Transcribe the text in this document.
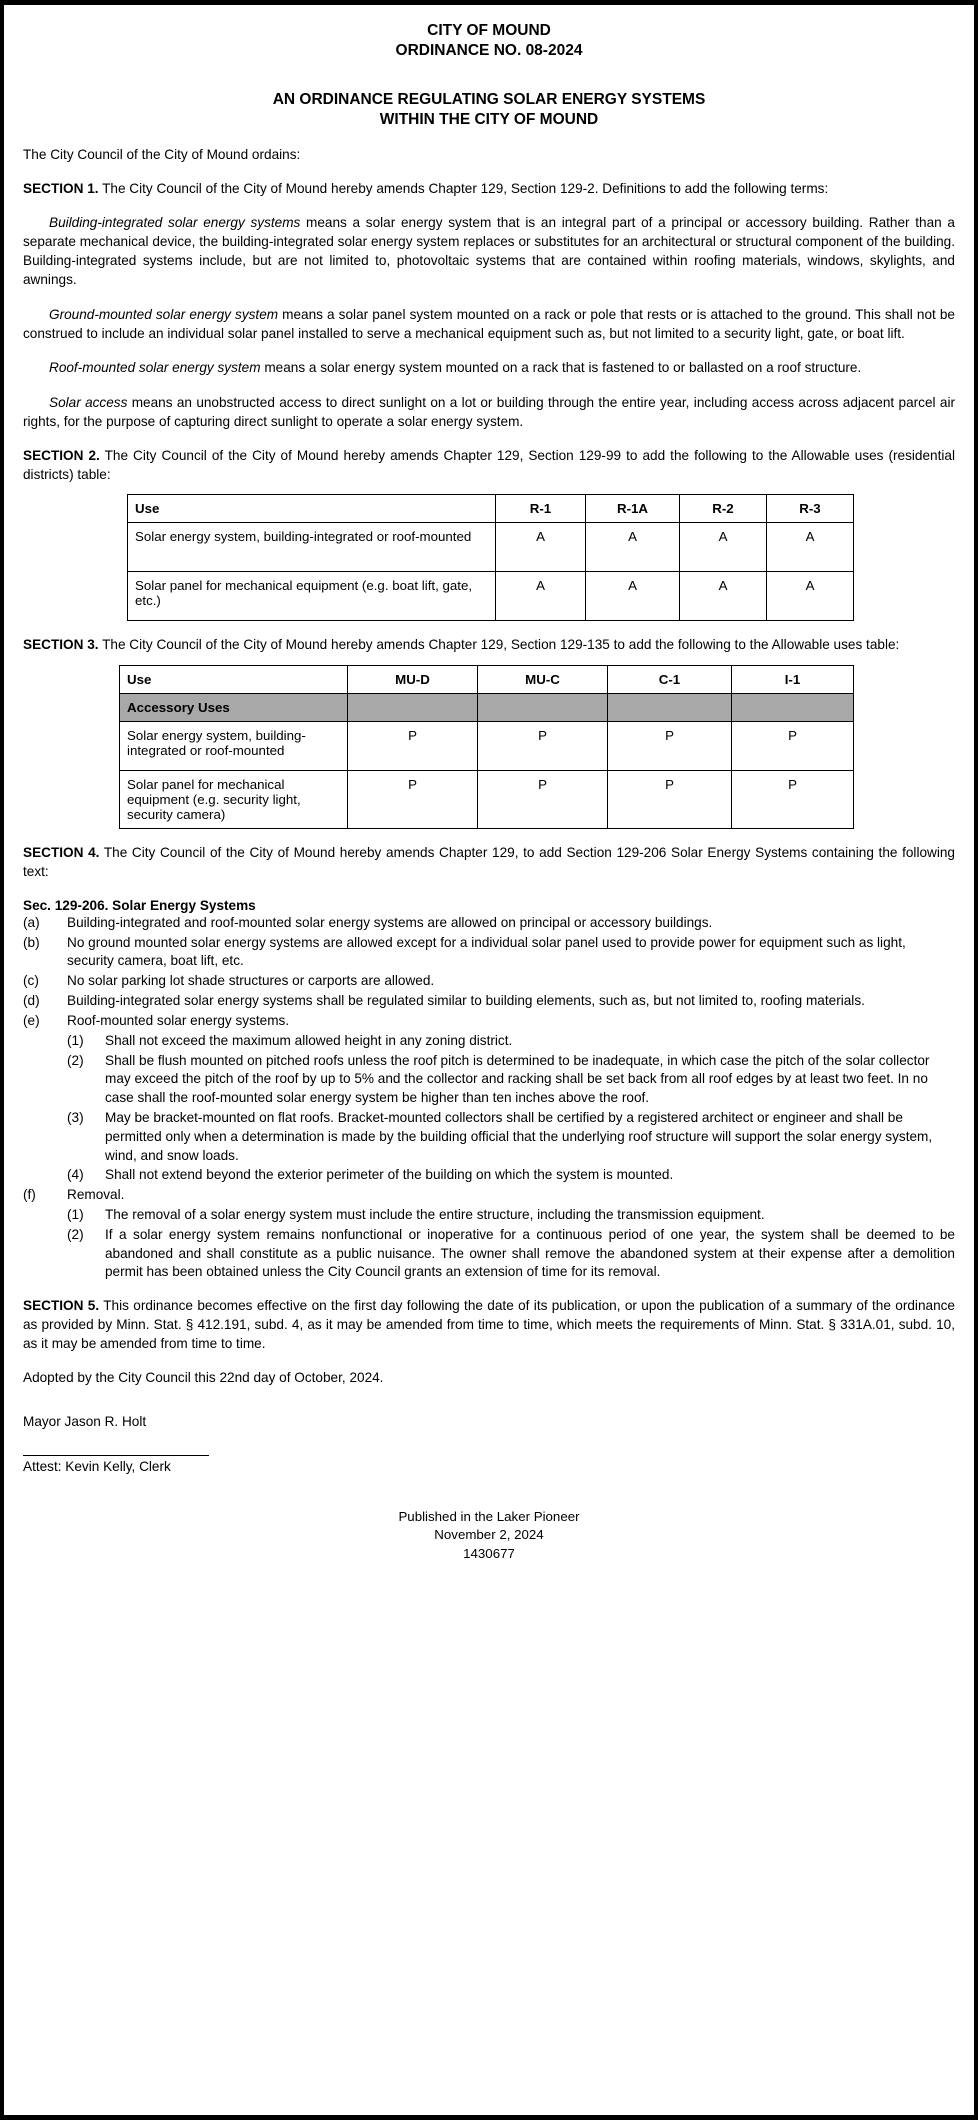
CITY OF MOUND
ORDINANCE NO. 08-2024
AN ORDINANCE REGULATING SOLAR ENERGY SYSTEMS
WITHIN THE CITY OF MOUND

The City Council of the City of Mound ordains:

SECTION 1. The City Council of the City of Mound hereby amends Chapter 129, Section 129-2. Definitions to add the following terms:

Building-integrated solar energy systems means a solar energy system that is an integral part of a principal or accessory building. Rather than a separate mechanical device, the building-integrated solar energy system replaces or substitutes for an architectural or structural component of the building. Building-integrated systems include, but are not limited to, photovoltaic systems that are contained within roofing materials, windows, skylights, and awnings.

Ground-mounted solar energy system means a solar panel system mounted on a rack or pole that rests or is attached to the ground. This shall not be construed to include an individual solar panel installed to serve a mechanical equipment such as, but not limited to a security light, gate, or boat lift.

Roof-mounted solar energy system means a solar energy system mounted on a rack that is fastened to or ballasted on a roof structure.

Solar access means an unobstructed access to direct sunlight on a lot or building through the entire year, including access across adjacent parcel air rights, for the purpose of capturing direct sunlight to operate a solar energy system.

SECTION 2. The City Council of the City of Mound hereby amends Chapter 129, Section 129-99 to add the following to the Allowable uses (residential districts) table:

Use	R-1	R-1A	R-2	R-3
Solar energy system, building-integrated or roof-mounted	A	A	A	A
Solar panel for mechanical equipment (e.g. boat lift, gate, etc.)	A	A	A	A

SECTION 3. The City Council of the City of Mound hereby amends Chapter 129, Section 129-135 to add the following to the Allowable uses table:

Use	MU-D	MU-C	C-1	I-1
Accessory Uses				
Solar energy system, building-integrated or roof-mounted	P	P	P	P
Solar panel for mechanical equipment (e.g. security light, security camera)	P	P	P	P

SECTION 4. The City Council of the City of Mound hereby amends Chapter 129, to add Section 129-206 Solar Energy Systems containing the following text:

Sec. 129-206. Solar Energy Systems
(a)	Building-integrated and roof-mounted solar energy systems are allowed on principal or accessory buildings.
(b)	No ground mounted solar energy systems are allowed except for a individual solar panel used to provide power for equipment such as light, security camera, boat lift, etc.
(c)	No solar parking lot shade structures or carports are allowed.
(d)	Building-integrated solar energy systems shall be regulated similar to building elements, such as, but not limited to, roofing materials.
(e)	Roof-mounted solar energy systems.
(1)	Shall not exceed the maximum allowed height in any zoning district.
(2)	Shall be flush mounted on pitched roofs unless the roof pitch is determined to be inadequate, in which case the pitch of the solar collector may exceed the pitch of the roof by up to 5% and the collector and racking shall be set back from all roof edges by at least two feet. In no case shall the roof-mounted solar energy system be higher than ten inches above the roof.
(3)	May be bracket-mounted on flat roofs. Bracket-mounted collectors shall be certified by a registered architect or engineer and shall be permitted only when a determination is made by the building official that the underlying roof structure will support the solar energy system, wind, and snow loads.
(4)	Shall not extend beyond the exterior perimeter of the building on which the system is mounted.
(f)	Removal.
(1)	The removal of a solar energy system must include the entire structure, including the transmission equipment.
(2)	If a solar energy system remains nonfunctional or inoperative for a continuous period of one year, the system shall be deemed to be abandoned and shall constitute as a public nuisance. The owner shall remove the abandoned system at their expense after a demolition permit has been obtained unless the City Council grants an extension of time for its removal.

SECTION 5. This ordinance becomes effective on the first day following the date of its publication, or upon the publication of a summary of the ordinance as provided by Minn. Stat. § 412.191, subd. 4, as it may be amended from time to time, which meets the requirements of Minn. Stat. § 331A.01, subd. 10, as it may be amended from time to time.

Adopted by the City Council this 22nd day of October, 2024.

Mayor Jason R. Holt
Attest: Kevin Kelly, Clerk
Published in the Laker Pioneer
November 2, 2024
1430677
